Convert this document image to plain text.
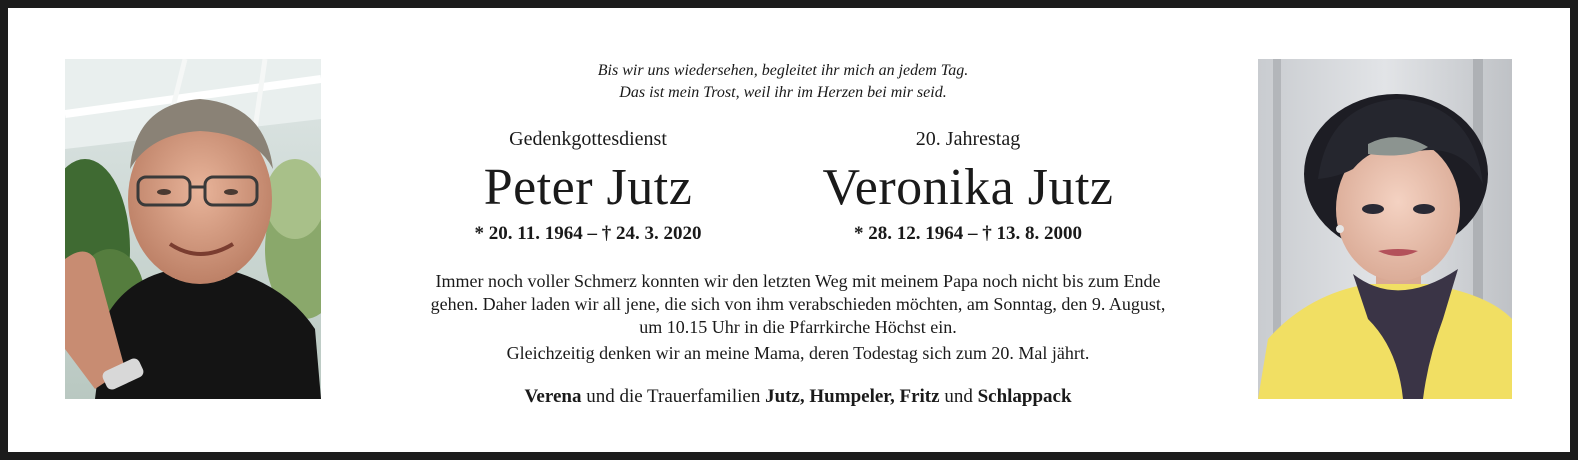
Bis wir uns wiedersehen, begleitet ihr mich an jedem Tag.
Das ist mein Trost, weil ihr im Herzen bei mir seid.
Gedenkgottesdienst
Peter Jutz
* 20. 11. 1964 – † 24. 3. 2020
20. Jahrestag
Veronika Jutz
* 28. 12. 1964 – † 13. 8. 2000
Immer noch voller Schmerz konnten wir den letzten Weg mit meinem Papa noch nicht bis zum Ende
gehen. Daher laden wir all jene, die sich von ihm verabschieden möchten, am Sonntag, den 9. August,
um 10.15 Uhr in die Pfarrkirche Höchst ein.
Gleichzeitig denken wir an meine Mama, deren Todestag sich zum 20. Mal jährt.
Verena und die Trauerfamilien Jutz, Humpeler, Fritz und Schlappack
